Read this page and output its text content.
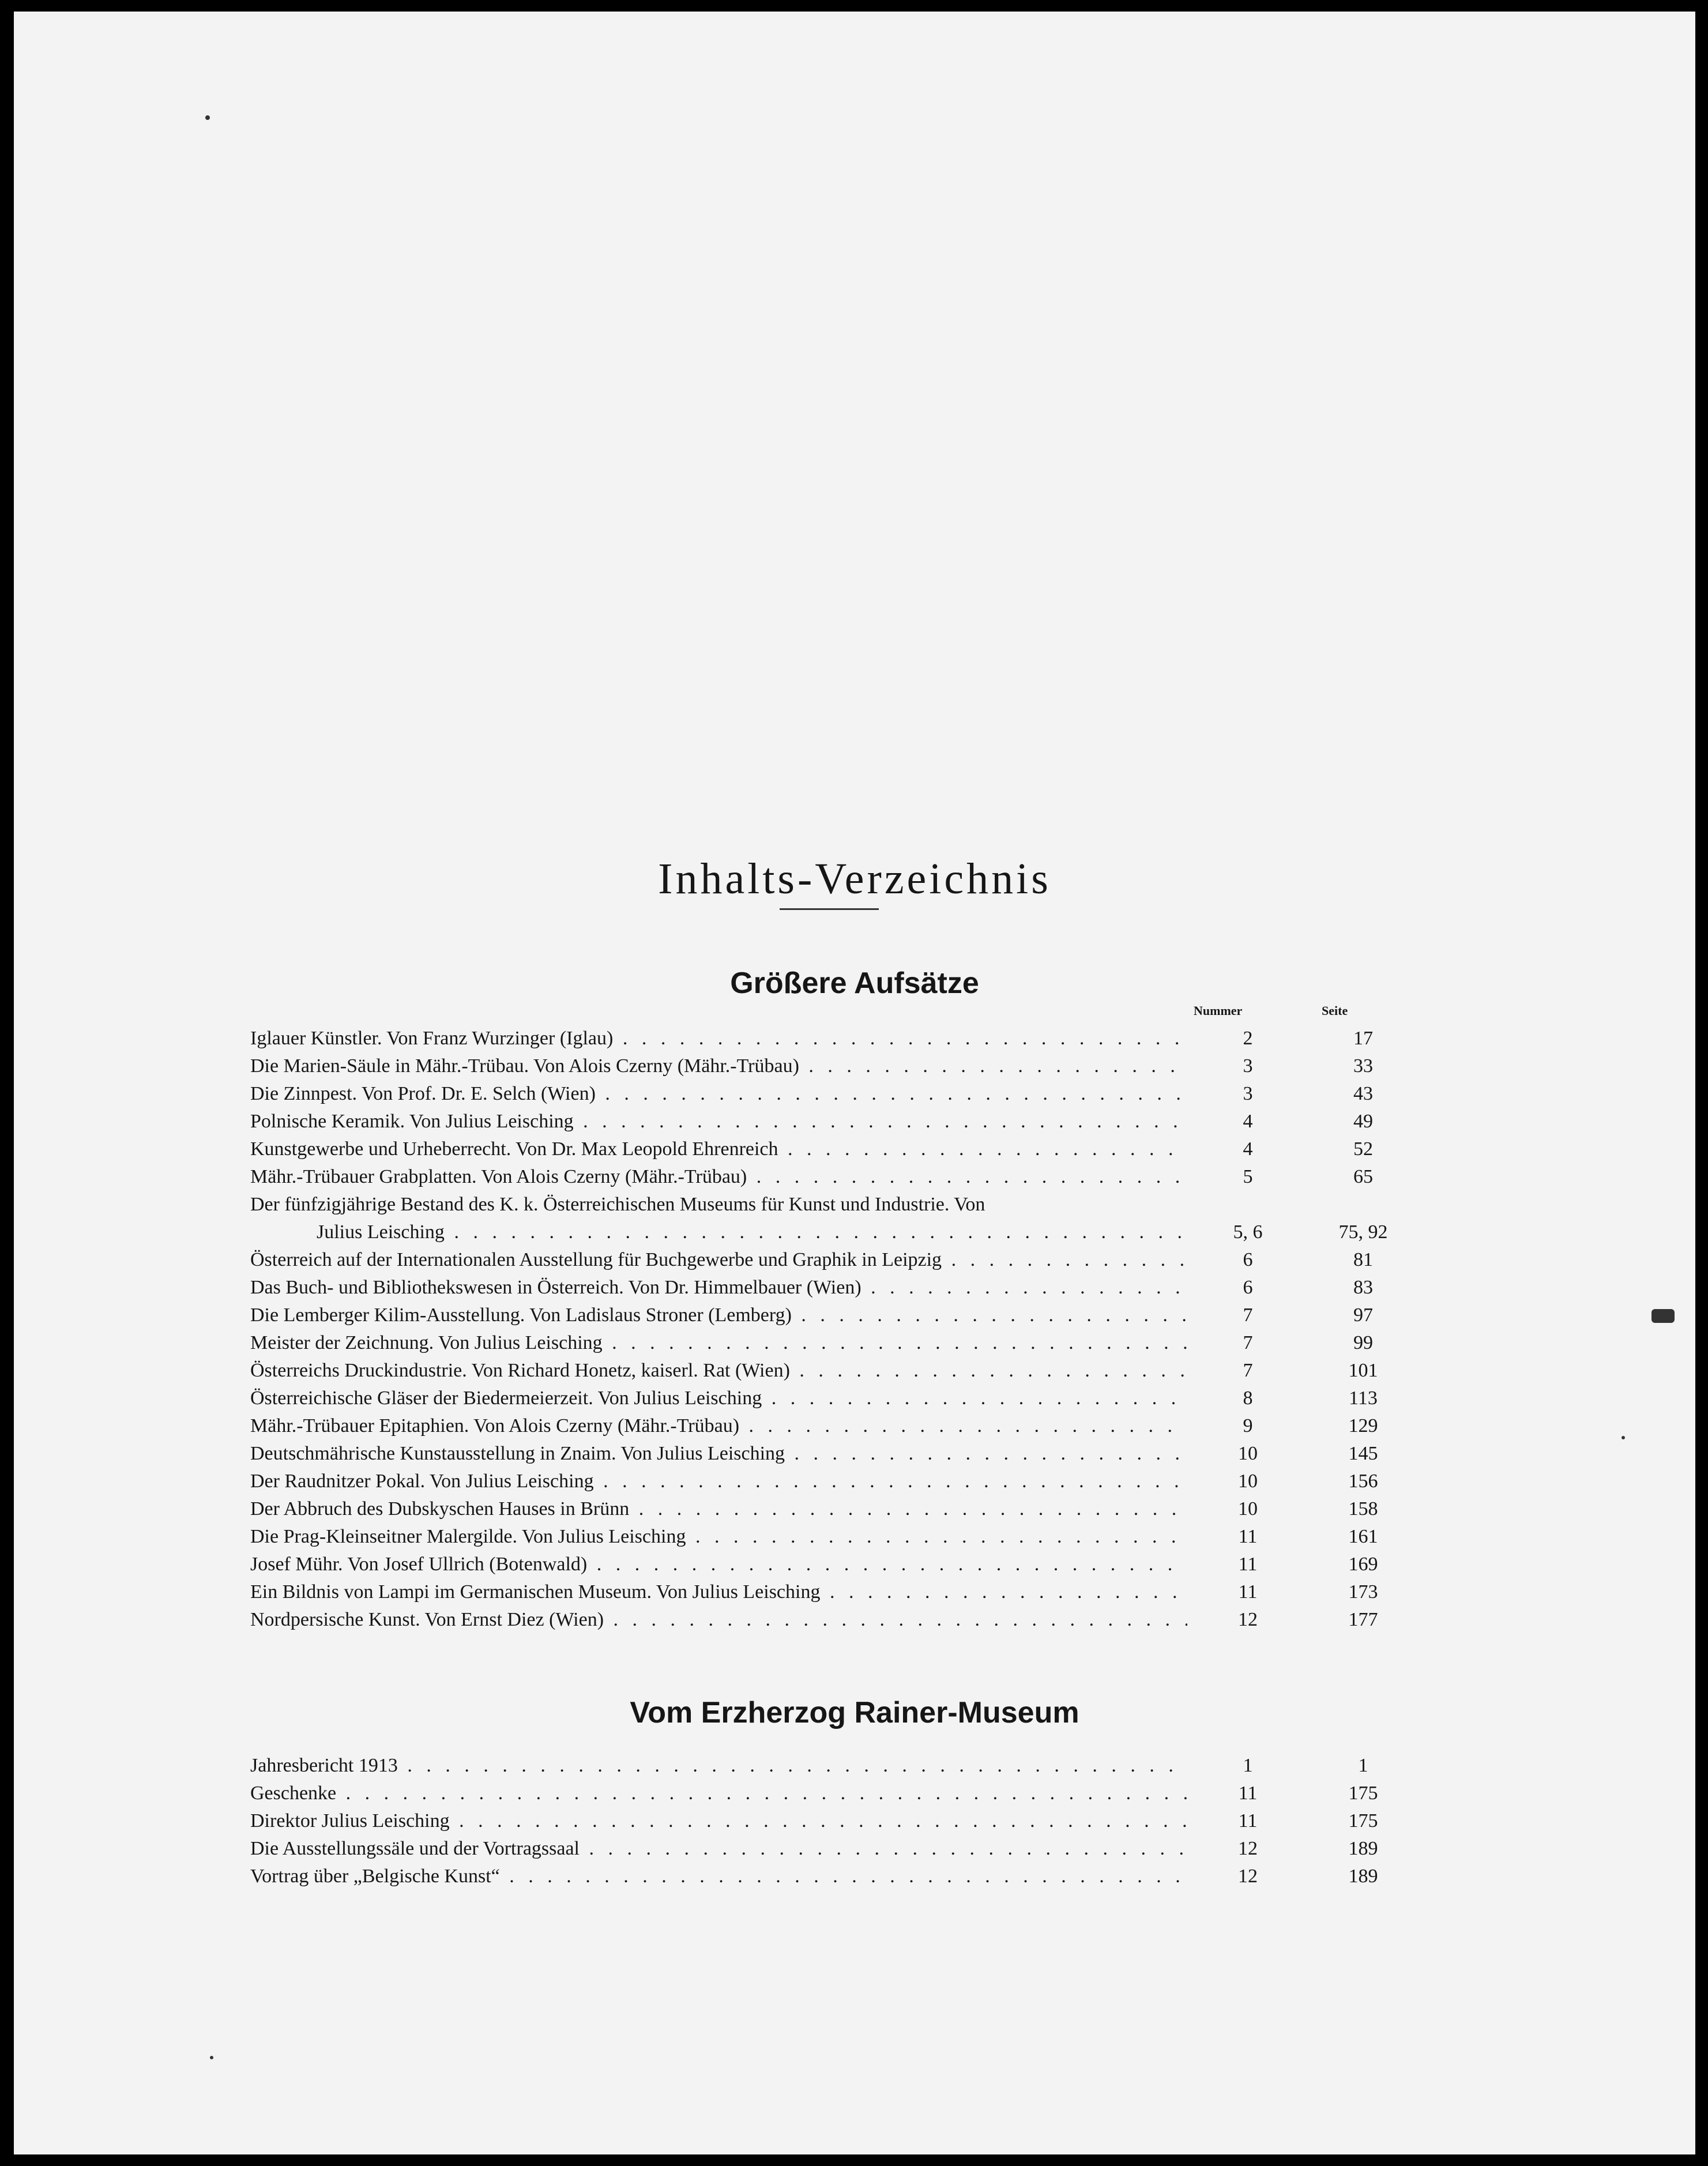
Inhalts-Verzeichnis
Größere Aufsätze
Nummer	Seite
Iglauer Künstler. Von Franz Wurzinger (Iglau) . . .	2	17
Die Marien-Säule in Mähr.-Trübau. Von Alois Czerny (Mähr.-Trübau) . . .	3	33
Die Zinnpest. Von Prof. Dr. E. Selch (Wien) . . .	3	43
Polnische Keramik. Von Julius Leisching . . .	4	49
Kunstgewerbe und Urheberrecht. Von Dr. Max Leopold Ehrenreich . . .	4	52
Mähr.-Trübauer Grabplatten. Von Alois Czerny (Mähr.-Trübau) . . .	5	65
Der fünfzigjährige Bestand des K. k. Österreichischen Museums für Kunst und Industrie. Von
Julius Leisching . . .	5, 6	75, 92
Österreich auf der Internationalen Ausstellung für Buchgewerbe und Graphik in Leipzig . . .	6	81
Das Buch- und Bibliothekswesen in Österreich. Von Dr. Himmelbauer (Wien) . . .	6	83
Die Lemberger Kilim-Ausstellung. Von Ladislaus Stroner (Lemberg) . . .	7	97
Meister der Zeichnung. Von Julius Leisching . . .	7	99
Österreichs Druckindustrie. Von Richard Honetz, kaiserl. Rat (Wien) . . .	7	101
Österreichische Gläser der Biedermeierzeit. Von Julius Leisching . . .	8	113
Mähr.-Trübauer Epitaphien. Von Alois Czerny (Mähr.-Trübau) . . .	9	129
Deutschmährische Kunstausstellung in Znaim. Von Julius Leisching . . .	10	145
Der Raudnitzer Pokal. Von Julius Leisching . . .	10	156
Der Abbruch des Dubskyschen Hauses in Brünn . . .	10	158
Die Prag-Kleinseitner Malergilde. Von Julius Leisching . . .	11	161
Josef Mühr. Von Josef Ullrich (Botenwald) . . .	11	169
Ein Bildnis von Lampi im Germanischen Museum. Von Julius Leisching . . .	11	173
Nordpersische Kunst. Von Ernst Diez (Wien) . . .	12	177
Vom Erzherzog Rainer-Museum
Jahresbericht 1913 . . .	1	1
Geschenke . . .	11	175
Direktor Julius Leisching . . .	11	175
Die Ausstellungssäle und der Vortragssaal . . .	12	189
Vortrag über „Belgische Kunst“ . . .	12	189
